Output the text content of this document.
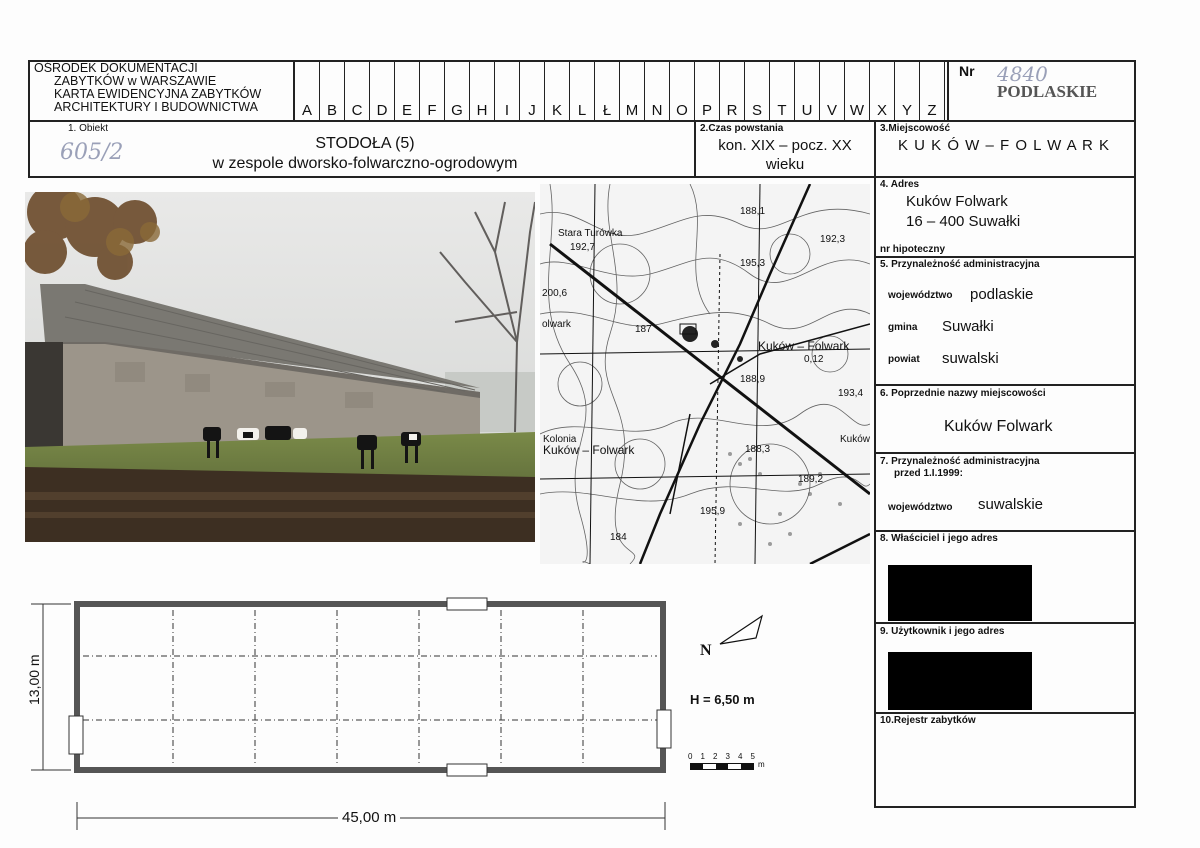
OŚRODEK DOKUMENTACJI
ZABYTKÓW w WARSZAWIE
KARTA EWIDENCYJNA ZABYTKÓW
ARCHITEKTURY I BUDOWNICTWA	A B C D E	F G H	I	J	K	L	Ł M N O P R S	T	U V W X Y	Z
Nr 4840
PODLASKIE
1. Obiekt
605/2	STODOŁA (5)
w zespole dworsko-folwarczno-ogrodowym
2.Czas powstania
kon. XIX – pocz. XX
wieku
3.Miejscowość
K U K Ó W – F O L W A R K
4. Adres
Kuków Folwark
16 – 400 Suwałki
nr hipoteczny
5. Przynależność administracyjna
województwo podlaskie
gmina Suwałki
powiat suwalski
6. Poprzednie nazwy miejscowości
Kuków Folwark
7. Przynależność administracyjna
przed 1.I.1999:
województwo suwalskie
8. Właściciel i jego adres
9. Użytkownik i jego adres
10.Rejestr zabytków
Stara Turówka
192,7
188,1
192,3
195,3
200,6
olwark	187
Kuków – Folwark
0,12
188,9
193,4
Kolonia
Kuków – Folwark	188,3
Kuków
189,2
195,9
184
13,00 m
45,00 m
N
H = 6,50 m
0	1	2	3	4	5
m
